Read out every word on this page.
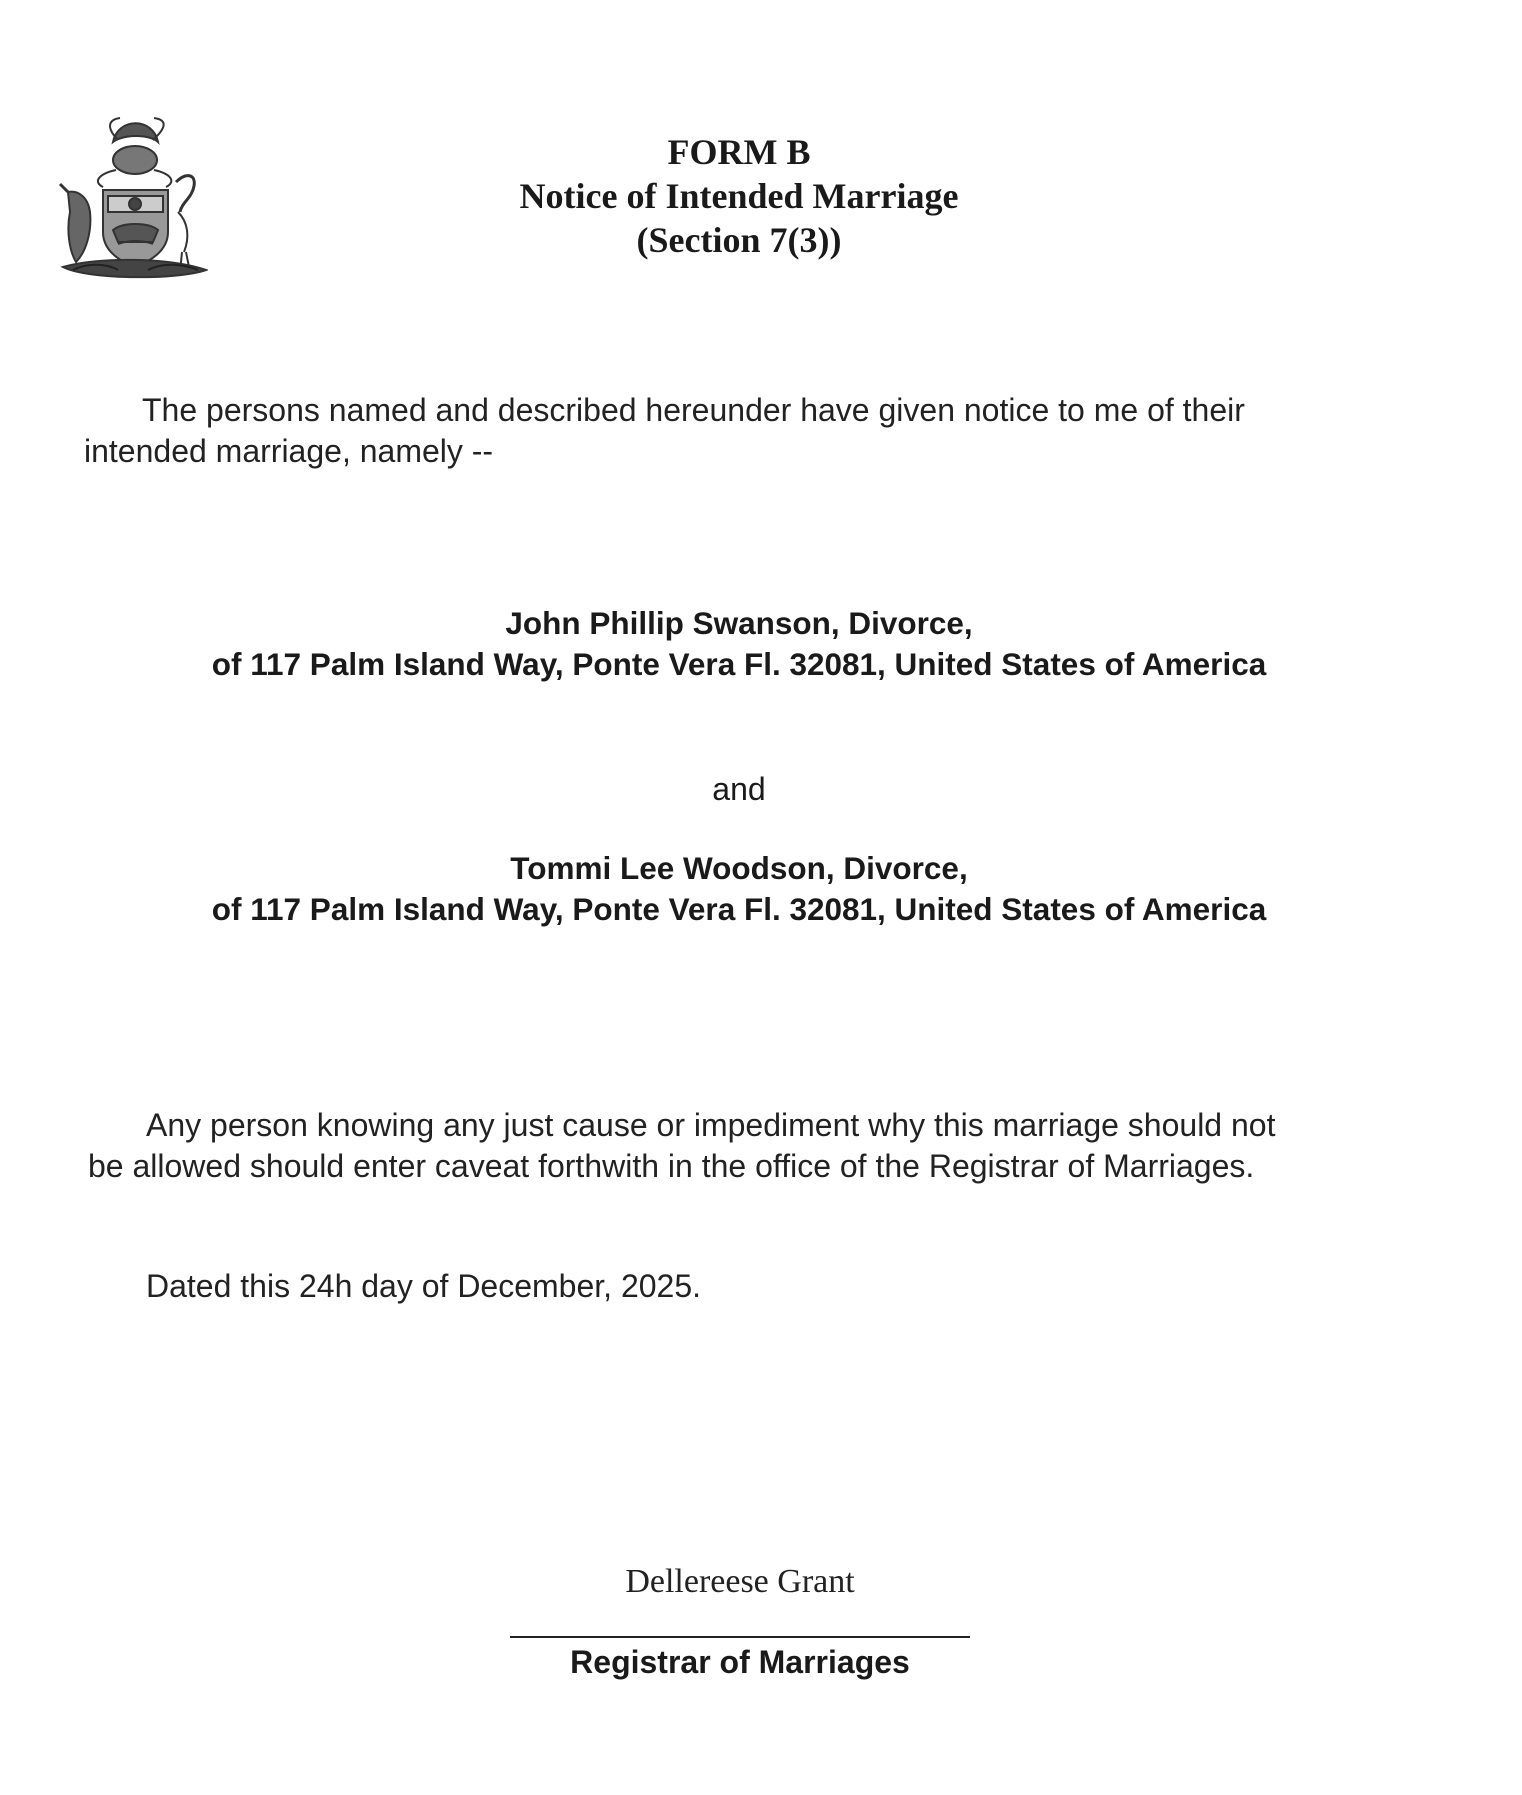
FORM B
Notice of Intended Marriage
(Section 7(3))
The persons named and described hereunder have given notice to me of their
intended marriage, namely --
John Phillip Swanson, Divorce,
of 117 Palm Island Way, Ponte Vera Fl. 32081, United States of America
and
Tommi Lee Woodson, Divorce,
of 117 Palm Island Way, Ponte Vera Fl. 32081, United States of America
Any person knowing any just cause or impediment why this marriage should not
be allowed should enter caveat forthwith in the office of the Registrar of Marriages.
Dated this 24h day of December, 2025.
Dellereese Grant
Registrar of Marriages
